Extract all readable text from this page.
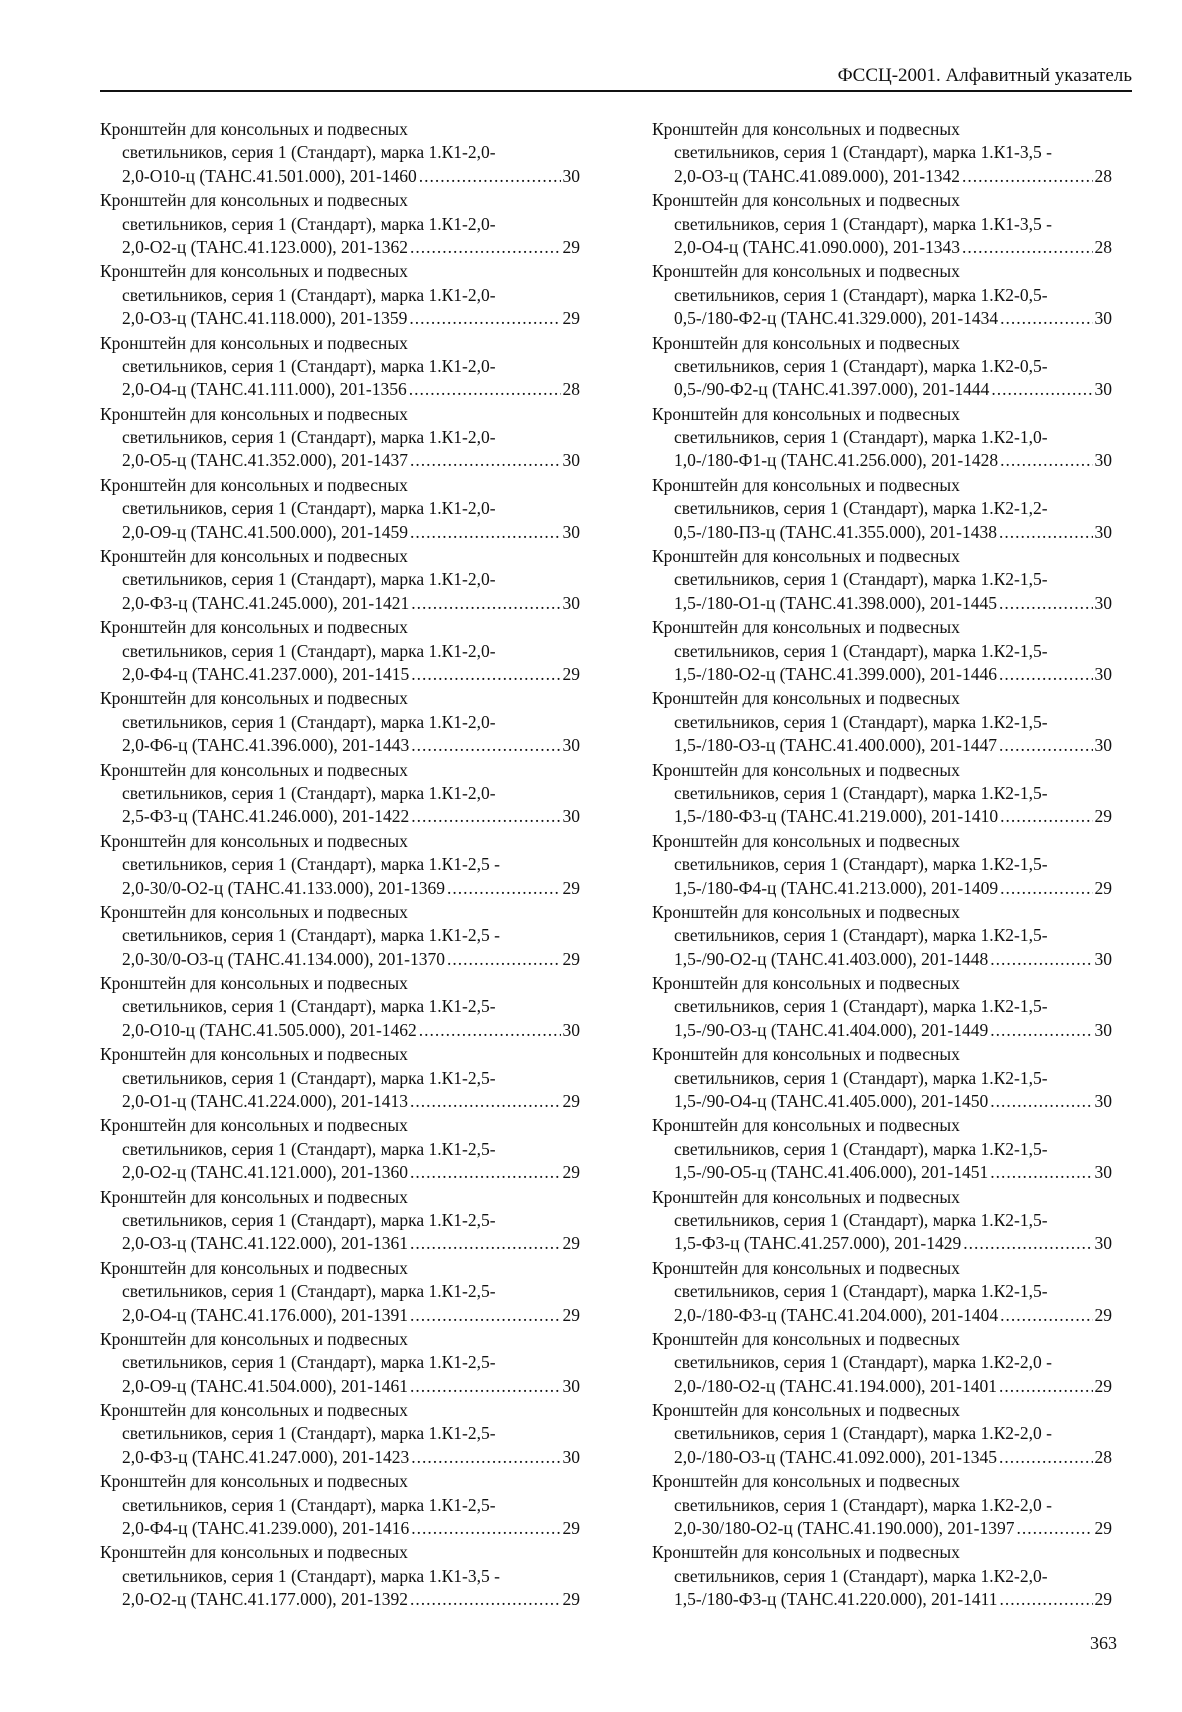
ФССЦ-2001. Алфавитный указатель
Кронштейн для консольных и подвесных
светильников, серия 1 (Стандарт), марка 1.К1-2,0-
2,0-О10-ц (ТАНС.41.501.000), 201-1460 .....	30
Кронштейн для консольных и подвесных
светильников, серия 1 (Стандарт), марка 1.К1-2,0-
2,0-О2-ц (ТАНС.41.123.000), 201-1362 .....	29
Кронштейн для консольных и подвесных
светильников, серия 1 (Стандарт), марка 1.К1-2,0-
2,0-О3-ц (ТАНС.41.118.000), 201-1359 .....	29
Кронштейн для консольных и подвесных
светильников, серия 1 (Стандарт), марка 1.К1-2,0-
2,0-О4-ц (ТАНС.41.111.000), 201-1356 .....	28
Кронштейн для консольных и подвесных
светильников, серия 1 (Стандарт), марка 1.К1-2,0-
2,0-О5-ц (ТАНС.41.352.000), 201-1437 .....	30
Кронштейн для консольных и подвесных
светильников, серия 1 (Стандарт), марка 1.К1-2,0-
2,0-О9-ц (ТАНС.41.500.000), 201-1459 .....	30
Кронштейн для консольных и подвесных
светильников, серия 1 (Стандарт), марка 1.К1-2,0-
2,0-Ф3-ц (ТАНС.41.245.000), 201-1421 .....	30
Кронштейн для консольных и подвесных
светильников, серия 1 (Стандарт), марка 1.К1-2,0-
2,0-Ф4-ц (ТАНС.41.237.000), 201-1415 .....	29
Кронштейн для консольных и подвесных
светильников, серия 1 (Стандарт), марка 1.К1-2,0-
2,0-Ф6-ц (ТАНС.41.396.000), 201-1443 .....	30
Кронштейн для консольных и подвесных
светильников, серия 1 (Стандарт), марка 1.К1-2,0-
2,5-Ф3-ц (ТАНС.41.246.000), 201-1422 .....	30
Кронштейн для консольных и подвесных
светильников, серия 1 (Стандарт), марка 1.К1-2,5 -
2,0-30/0-О2-ц (ТАНС.41.133.000), 201-1369 .....	29
Кронштейн для консольных и подвесных
светильников, серия 1 (Стандарт), марка 1.К1-2,5 -
2,0-30/0-О3-ц (ТАНС.41.134.000), 201-1370 .....	29
Кронштейн для консольных и подвесных
светильников, серия 1 (Стандарт), марка 1.К1-2,5-
2,0-О10-ц (ТАНС.41.505.000), 201-1462 .....	30
Кронштейн для консольных и подвесных
светильников, серия 1 (Стандарт), марка 1.К1-2,5-
2,0-О1-ц (ТАНС.41.224.000), 201-1413 .....	29
Кронштейн для консольных и подвесных
светильников, серия 1 (Стандарт), марка 1.К1-2,5-
2,0-О2-ц (ТАНС.41.121.000), 201-1360 .....	29
Кронштейн для консольных и подвесных
светильников, серия 1 (Стандарт), марка 1.К1-2,5-
2,0-О3-ц (ТАНС.41.122.000), 201-1361 .....	29
Кронштейн для консольных и подвесных
светильников, серия 1 (Стандарт), марка 1.К1-2,5-
2,0-О4-ц (ТАНС.41.176.000), 201-1391 .....	29
Кронштейн для консольных и подвесных
светильников, серия 1 (Стандарт), марка 1.К1-2,5-
2,0-О9-ц (ТАНС.41.504.000), 201-1461 .....	30
Кронштейн для консольных и подвесных
светильников, серия 1 (Стандарт), марка 1.К1-2,5-
2,0-Ф3-ц (ТАНС.41.247.000), 201-1423 .....	30
Кронштейн для консольных и подвесных
светильников, серия 1 (Стандарт), марка 1.К1-2,5-
2,0-Ф4-ц (ТАНС.41.239.000), 201-1416 .....	29
Кронштейн для консольных и подвесных
светильников, серия 1 (Стандарт), марка 1.К1-3,5 -
2,0-О2-ц (ТАНС.41.177.000), 201-1392 .....	29
Кронштейн для консольных и подвесных
светильников, серия 1 (Стандарт), марка 1.К1-3,5 -
2,0-О3-ц (ТАНС.41.089.000), 201-1342 .....	28
Кронштейн для консольных и подвесных
светильников, серия 1 (Стандарт), марка 1.К1-3,5 -
2,0-О4-ц (ТАНС.41.090.000), 201-1343 .....	28
Кронштейн для консольных и подвесных
светильников, серия 1 (Стандарт), марка 1.К2-0,5-
0,5-/180-Ф2-ц (ТАНС.41.329.000), 201-1434 .....	30
Кронштейн для консольных и подвесных
светильников, серия 1 (Стандарт), марка 1.К2-0,5-
0,5-/90-Ф2-ц (ТАНС.41.397.000), 201-1444 .....	30
Кронштейн для консольных и подвесных
светильников, серия 1 (Стандарт), марка 1.К2-1,0-
1,0-/180-Ф1-ц (ТАНС.41.256.000), 201-1428 .....	30
Кронштейн для консольных и подвесных
светильников, серия 1 (Стандарт), марка 1.К2-1,2-
0,5-/180-П3-ц (ТАНС.41.355.000), 201-1438 .....	30
Кронштейн для консольных и подвесных
светильников, серия 1 (Стандарт), марка 1.К2-1,5-
1,5-/180-О1-ц (ТАНС.41.398.000), 201-1445 .....	30
Кронштейн для консольных и подвесных
светильников, серия 1 (Стандарт), марка 1.К2-1,5-
1,5-/180-О2-ц (ТАНС.41.399.000), 201-1446 .....	30
Кронштейн для консольных и подвесных
светильников, серия 1 (Стандарт), марка 1.К2-1,5-
1,5-/180-О3-ц (ТАНС.41.400.000), 201-1447 .....	30
Кронштейн для консольных и подвесных
светильников, серия 1 (Стандарт), марка 1.К2-1,5-
1,5-/180-Ф3-ц (ТАНС.41.219.000), 201-1410 .....	29
Кронштейн для консольных и подвесных
светильников, серия 1 (Стандарт), марка 1.К2-1,5-
1,5-/180-Ф4-ц (ТАНС.41.213.000), 201-1409 .....	29
Кронштейн для консольных и подвесных
светильников, серия 1 (Стандарт), марка 1.К2-1,5-
1,5-/90-О2-ц (ТАНС.41.403.000), 201-1448 .....	30
Кронштейн для консольных и подвесных
светильников, серия 1 (Стандарт), марка 1.К2-1,5-
1,5-/90-О3-ц (ТАНС.41.404.000), 201-1449 .....	30
Кронштейн для консольных и подвесных
светильников, серия 1 (Стандарт), марка 1.К2-1,5-
1,5-/90-О4-ц (ТАНС.41.405.000), 201-1450 .....	30
Кронштейн для консольных и подвесных
светильников, серия 1 (Стандарт), марка 1.К2-1,5-
1,5-/90-О5-ц (ТАНС.41.406.000), 201-1451 .....	30
Кронштейн для консольных и подвесных
светильников, серия 1 (Стандарт), марка 1.К2-1,5-
1,5-Ф3-ц (ТАНС.41.257.000), 201-1429 .....	30
Кронштейн для консольных и подвесных
светильников, серия 1 (Стандарт), марка 1.К2-1,5-
2,0-/180-Ф3-ц (ТАНС.41.204.000), 201-1404 .....	29
Кронштейн для консольных и подвесных
светильников, серия 1 (Стандарт), марка 1.К2-2,0 -
2,0-/180-О2-ц (ТАНС.41.194.000), 201-1401 .....	29
Кронштейн для консольных и подвесных
светильников, серия 1 (Стандарт), марка 1.К2-2,0 -
2,0-/180-О3-ц (ТАНС.41.092.000), 201-1345 .....	28
Кронштейн для консольных и подвесных
светильников, серия 1 (Стандарт), марка 1.К2-2,0 -
2,0-30/180-О2-ц (ТАНС.41.190.000), 201-1397 .....	29
Кронштейн для консольных и подвесных
светильников, серия 1 (Стандарт), марка 1.К2-2,0-
1,5-/180-Ф3-ц (ТАНС.41.220.000), 201-1411 .....	29
363
